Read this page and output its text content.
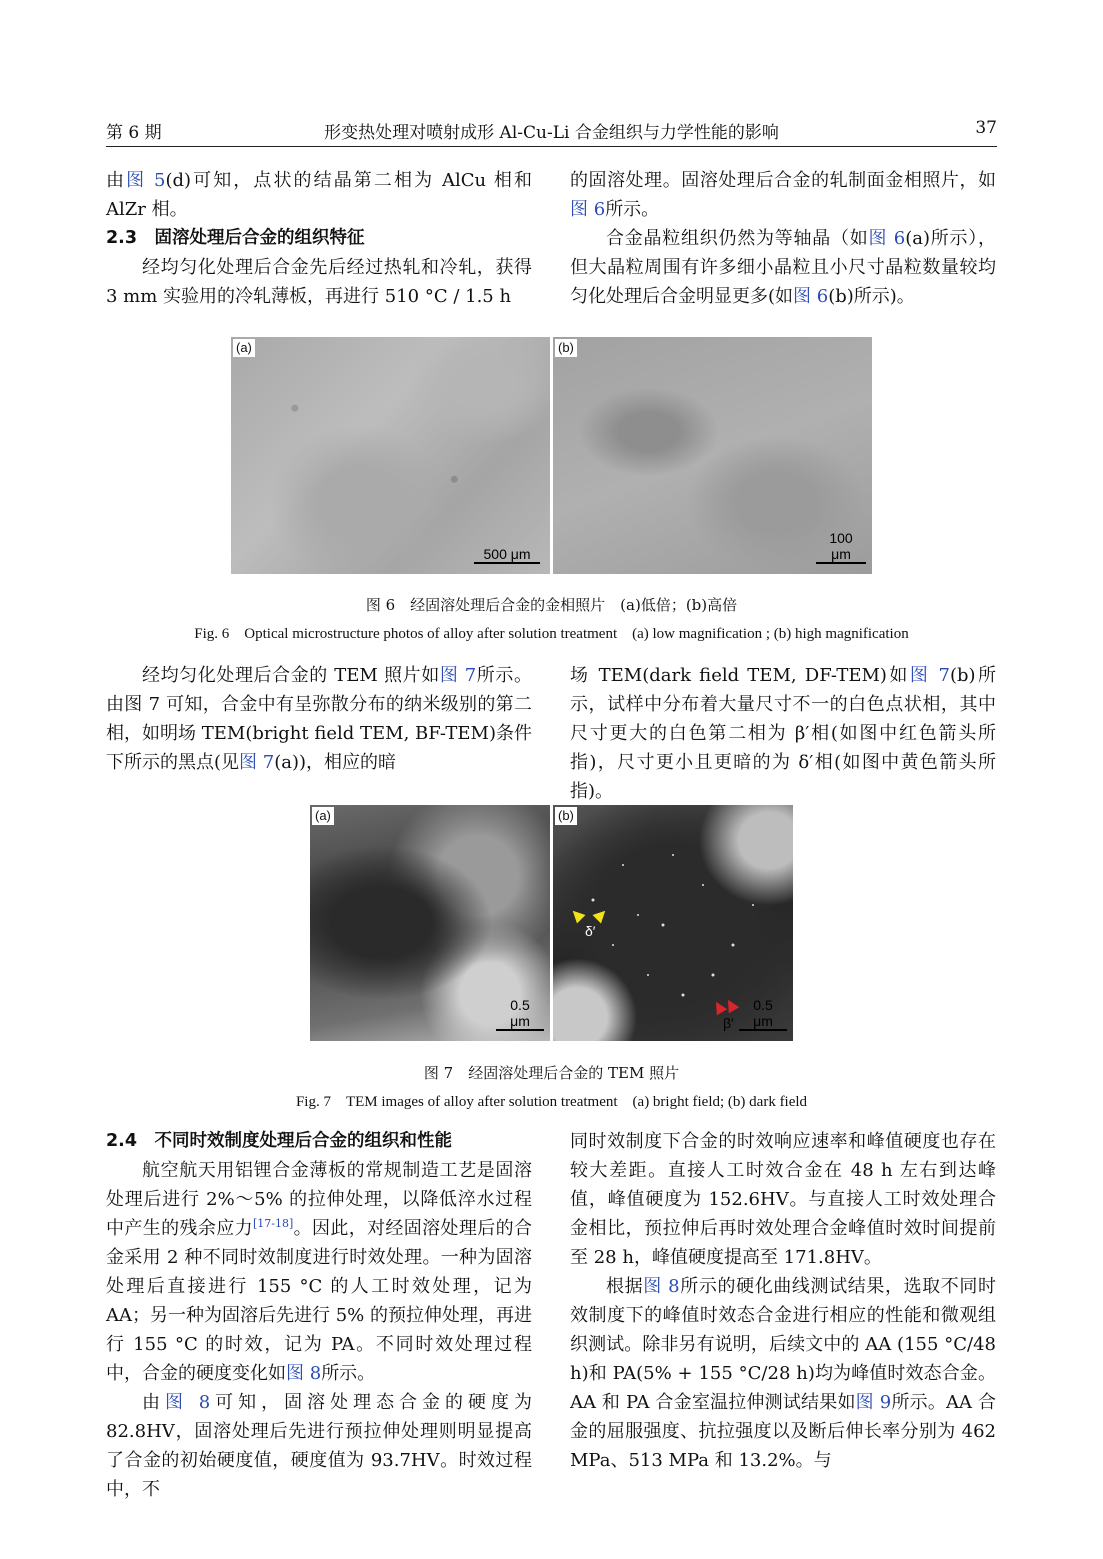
第 6 期	形变热处理对喷射成形 Al-Cu-Li 合金组织与力学性能的影响	37

由图 5(d)可知，点状的结晶第二相为 AlCu 相和 AlZr 相。

2.3　固溶处理后合金的组织特征

经均匀化处理后合金先后经过热轧和冷轧，获得 3 mm 实验用的冷轧薄板，再进行 510 °C / 1.5 h

的固溶处理。固溶处理后合金的轧制面金相照片，如图 6所示。

合金晶粒组织仍然为等轴晶（如图 6(a)所示），但大晶粒周围有许多细小晶粒且小尺寸晶粒数量较均匀化处理后合金明显更多(如图 6(b)所示)。

(a)
500 μm
(b)
100 μm
图 6　经固溶处理后合金的金相照片　(a)低倍；(b)高倍
Fig. 6　Optical microstructure photos of alloy after solution treatment　(a) low magnification ; (b) high magnification

经均匀化处理后合金的 TEM 照片如图 7所示。由图 7 可知，合金中有呈弥散分布的纳米级别的第二相，如明场 TEM(bright field TEM, BF-TEM)条件下所示的黑点(见图 7(a))，相应的暗

场 TEM(dark field TEM, DF-TEM)如图 7(b)所示，试样中分布着大量尺寸不一的白色点状相，其中尺寸更大的白色第二相为 β′相(如图中红色箭头所指)，尺寸更小且更暗的为 δ′相(如图中黄色箭头所指)。

(a)
0.5 μm
(b)
δ′
β′
0.5 μm
图 7　经固溶处理后合金的 TEM 照片
Fig. 7　TEM images of alloy after solution treatment　(a) bright field; (b) dark field
2.4　不同时效制度处理后合金的组织和性能

航空航天用铝锂合金薄板的常规制造工艺是固溶处理后进行 2%～5% 的拉伸处理，以降低淬水过程中产生的残余应力[17-18]。因此，对经固溶处理后的合金采用 2 种不同时效制度进行时效处理。一种为固溶处理后直接进行 155 °C 的人工时效处理，记为 AA；另一种为固溶后先进行 5% 的预拉伸处理，再进行 155 °C 的时效，记为 PA。不同时效处理过程中，合金的硬度变化如图 8所示。

由图 8可知，固溶处理态合金的硬度为 82.8HV，固溶处理后先进行预拉伸处理则明显提高了合金的初始硬度值，硬度值为 93.7HV。时效过程中，不

同时效制度下合金的时效响应速率和峰值硬度也存在较大差距。直接人工时效合金在 48 h 左右到达峰值，峰值硬度为 152.6HV。与直接人工时效处理合金相比，预拉伸后再时效处理合金峰值时效时间提前至 28 h，峰值硬度提高至 171.8HV。

根据图 8所示的硬化曲线测试结果，选取不同时效制度下的峰值时效态合金进行相应的性能和微观组织测试。除非另有说明，后续文中的 AA (155 °C/48 h)和 PA(5% + 155 °C/28 h)均为峰值时效态合金。AA 和 PA 合金室温拉伸测试结果如图 9所示。AA 合金的屈服强度、抗拉强度以及断后伸长率分别为 462 MPa、513 MPa 和 13.2%。与
